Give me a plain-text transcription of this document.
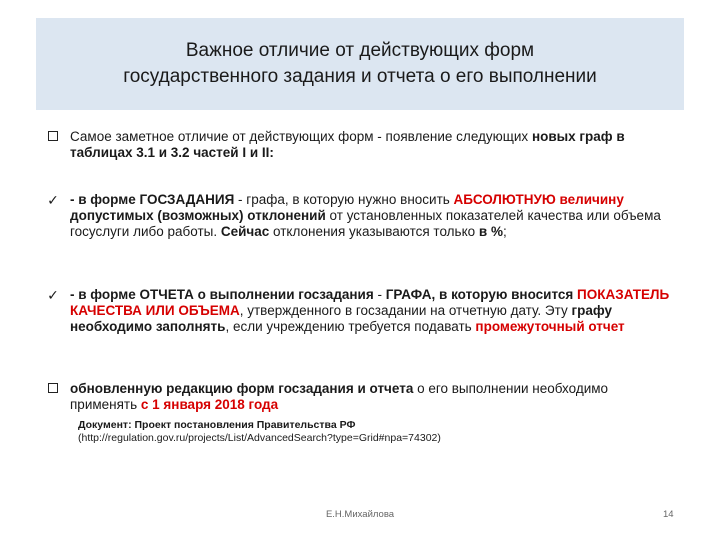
Важное отличие от действующих форм
государственного задания и отчета о его выполнении
Самое заметное отличие от действующих форм - появление следующих новых граф в таблицах 3.1 и 3.2 частей I и II:
✓ - в форме ГОСЗАДАНИЯ - графа, в которую нужно вносить АБСОЛЮТНУЮ величину допустимых (возможных) отклонений от установленных показателей качества или объема госуслуги либо работы. Сейчас отклонения указываются только в %;
✓ - в форме ОТЧЕТА о выполнении госзадания - ГРАФА, в которую вносится ПОКАЗАТЕЛЬ КАЧЕСТВА ИЛИ ОБЪЕМА, утвержденного в госзадании на отчетную дату. Эту графу необходимо заполнять, если учреждению требуется подавать промежуточный отчет
обновленную редакцию форм госзадания и отчета о его выполнении необходимо применять с 1 января 2018 года
Документ: Проект постановления Правительства РФ
(http://regulation.gov.ru/projects/List/AdvancedSearch?type=Grid#npa=74302)
Е.Н.Михайлова	14
